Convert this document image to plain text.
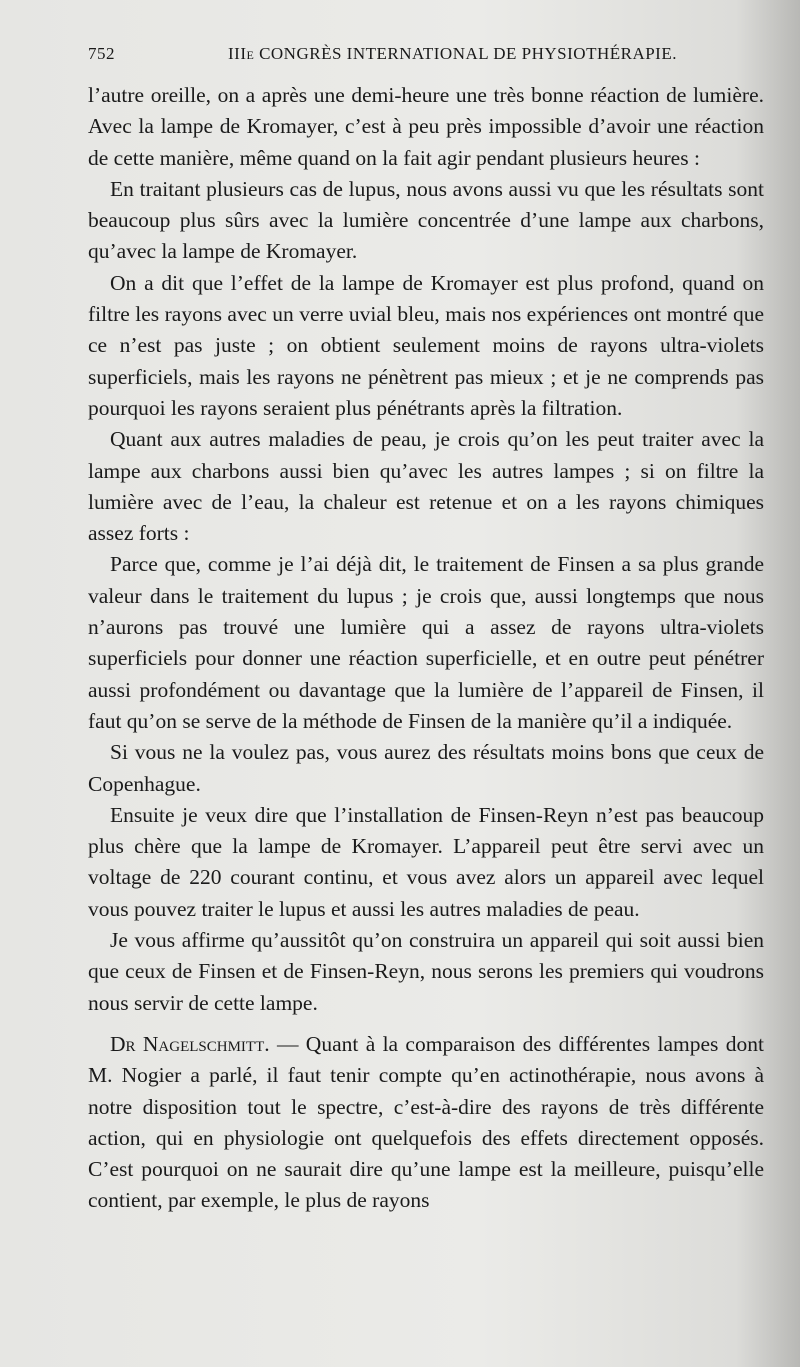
752	IIIe CONGRÈS INTERNATIONAL DE PHYSIOTHÉRAPIE.

l’autre oreille, on a après une demi-heure une très bonne réaction de lumière. Avec la lampe de Kromayer, c’est à peu près impossible d’avoir une réaction de cette manière, même quand on la fait agir pendant plusieurs heures :

En traitant plusieurs cas de lupus, nous avons aussi vu que les résultats sont beaucoup plus sûrs avec la lumière concentrée d’une lampe aux charbons, qu’avec la lampe de Kromayer.

On a dit que l’effet de la lampe de Kromayer est plus profond, quand on filtre les rayons avec un verre uvial bleu, mais nos expériences ont montré que ce n’est pas juste ; on obtient seulement moins de rayons ultra-violets superficiels, mais les rayons ne pénètrent pas mieux ; et je ne comprends pas pourquoi les rayons seraient plus pénétrants après la filtration.

Quant aux autres maladies de peau, je crois qu’on les peut traiter avec la lampe aux charbons aussi bien qu’avec les autres lampes ; si on filtre la lumière avec de l’eau, la chaleur est retenue et on a les rayons chimiques assez forts :

Parce que, comme je l’ai déjà dit, le traitement de Finsen a sa plus grande valeur dans le traitement du lupus ; je crois que, aussi longtemps que nous n’aurons pas trouvé une lumière qui a assez de rayons ultra-violets superficiels pour donner une réaction superficielle, et en outre peut pénétrer aussi profondément ou davantage que la lumière de l’appareil de Finsen, il faut qu’on se serve de la méthode de Finsen de la manière qu’il a indiquée.

Si vous ne la voulez pas, vous aurez des résultats moins bons que ceux de Copenhague.

Ensuite je veux dire que l’installation de Finsen-Reyn n’est pas beaucoup plus chère que la lampe de Kromayer. L’appareil peut être servi avec un voltage de 220 courant continu, et vous avez alors un appareil avec lequel vous pouvez traiter le lupus et aussi les autres maladies de peau.

Je vous affirme qu’aussitôt qu’on construira un appareil qui soit aussi bien que ceux de Finsen et de Finsen-Reyn, nous serons les premiers qui voudrons nous servir de cette lampe.

Dr Nagelschmitt. — Quant à la comparaison des différentes lampes dont M. Nogier a parlé, il faut tenir compte qu’en actinothérapie, nous avons à notre disposition tout le spectre, c’est-à-dire des rayons de très différente action, qui en physiologie ont quelquefois des effets directement opposés. C’est pourquoi on ne saurait dire qu’une lampe est la meilleure, puisqu’elle contient, par exemple, le plus de rayons
